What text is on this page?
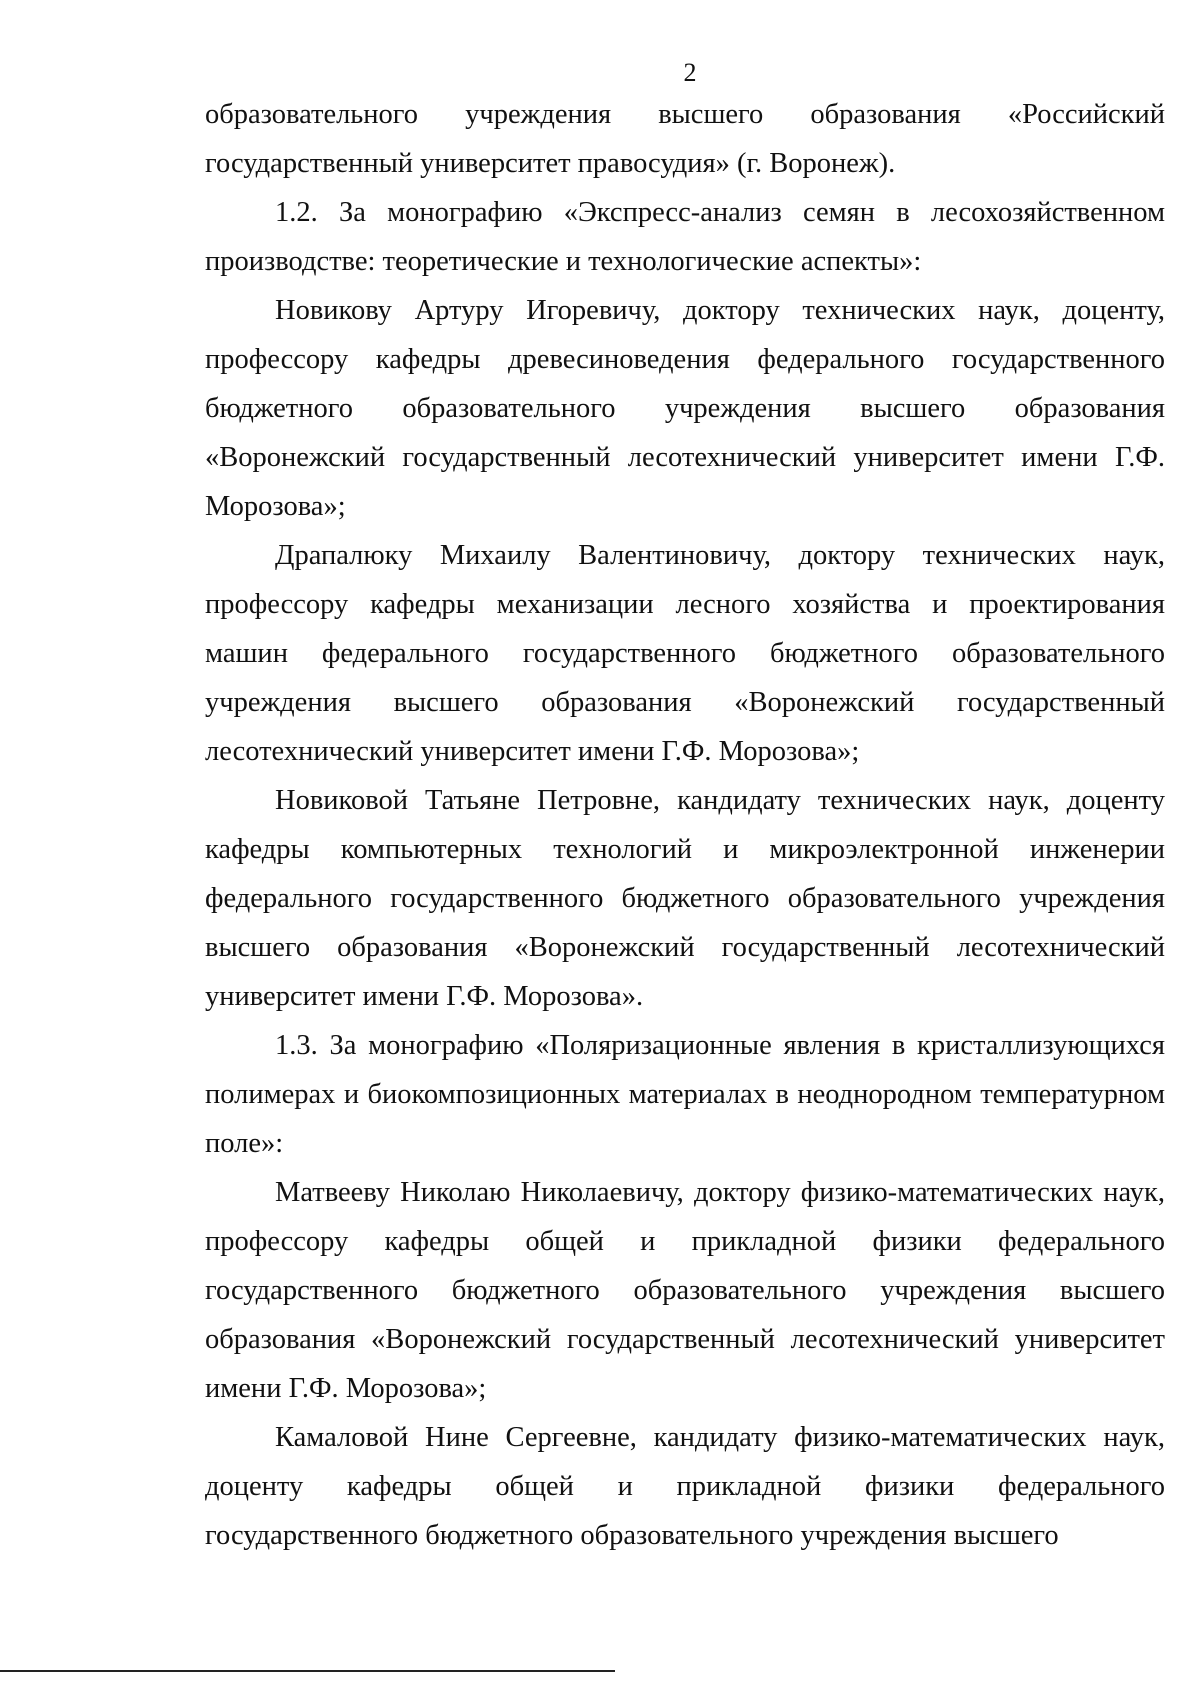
2

образовательного учреждения высшего образования «Российский государственный университет правосудия» (г. Воронеж).

1.2. За монографию «Экспресс-анализ семян в лесохозяйственном производстве: теоретические и технологические аспекты»:

Новикову Артуру Игоревичу, доктору технических наук, доценту, профессору кафедры древесиноведения федерального государственного бюджетного образовательного учреждения высшего образования «Воронежский государственный лесотехнический университет имени Г.Ф. Морозова»;

Драпалюку Михаилу Валентиновичу, доктору технических наук, профессору кафедры механизации лесного хозяйства и проектирования машин федерального государственного бюджетного образовательного учреждения высшего образования «Воронежский государственный лесотехнический университет имени Г.Ф. Морозова»;

Новиковой Татьяне Петровне, кандидату технических наук, доценту кафедры компьютерных технологий и микроэлектронной инженерии федерального государственного бюджетного образовательного учреждения высшего образования «Воронежский государственный лесотехнический университет имени Г.Ф. Морозова».

1.3. За монографию «Поляризационные явления в кристаллизующихся полимерах и биокомпозиционных материалах в неоднородном температурном поле»:

Матвееву Николаю Николаевичу, доктору физико-математических наук, профессору кафедры общей и прикладной физики федерального государственного бюджетного образовательного учреждения высшего образования «Воронежский государственный лесотехнический университет имени Г.Ф. Морозова»;

Камаловой Нине Сергеевне, кандидату физико-математических наук, доценту кафедры общей и прикладной физики федерального государственного бюджетного образовательного учреждения высшего
